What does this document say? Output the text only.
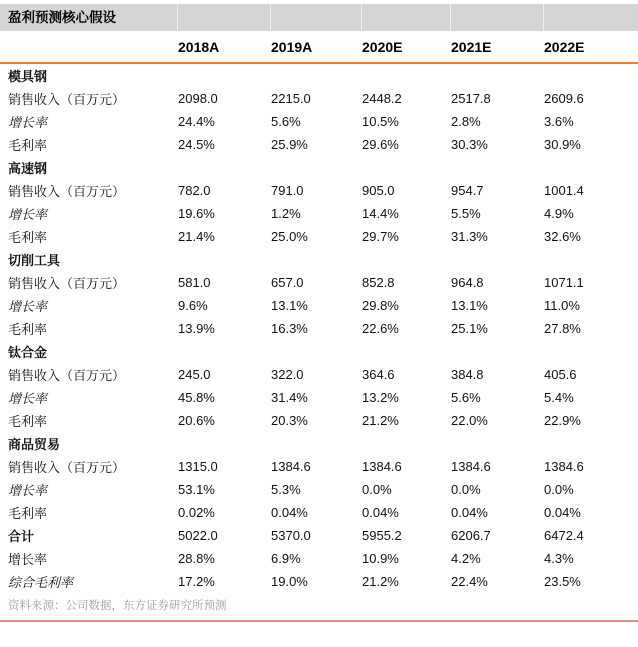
盈利预测核心假设
	2018A	2019A	2020E	2021E	2022E
模具钢					
销售收入（百万元）	2098.0	2215.0	2448.2	2517.8	2609.6
增长率	24.4%	5.6%	10.5%	2.8%	3.6%
毛利率	24.5%	25.9%	29.6%	30.3%	30.9%
高速钢					
销售收入（百万元）	782.0	791.0	905.0	954.7	1001.4
增长率	19.6%	1.2%	14.4%	5.5%	4.9%
毛利率	21.4%	25.0%	29.7%	31.3%	32.6%
切削工具					
销售收入（百万元）	581.0	657.0	852.8	964.8	1071.1
增长率	9.6%	13.1%	29.8%	13.1%	11.0%
毛利率	13.9%	16.3%	22.6%	25.1%	27.8%
钛合金					
销售收入（百万元）	245.0	322.0	364.6	384.8	405.6
增长率	45.8%	31.4%	13.2%	5.6%	5.4%
毛利率	20.6%	20.3%	21.2%	22.0%	22.9%
商品贸易					
销售收入（百万元）	1315.0	1384.6	1384.6	1384.6	1384.6
增长率	53.1%	5.3%	0.0%	0.0%	0.0%
毛利率	0.02%	0.04%	0.04%	0.04%	0.04%
合计	5022.0	5370.0	5955.2	6206.7	6472.4
增长率	28.8%	6.9%	10.9%	4.2%	4.3%
综合毛利率	17.2%	19.0%	21.2%	22.4%	23.5%
资料来源：公司数据，东方证券研究所预测
